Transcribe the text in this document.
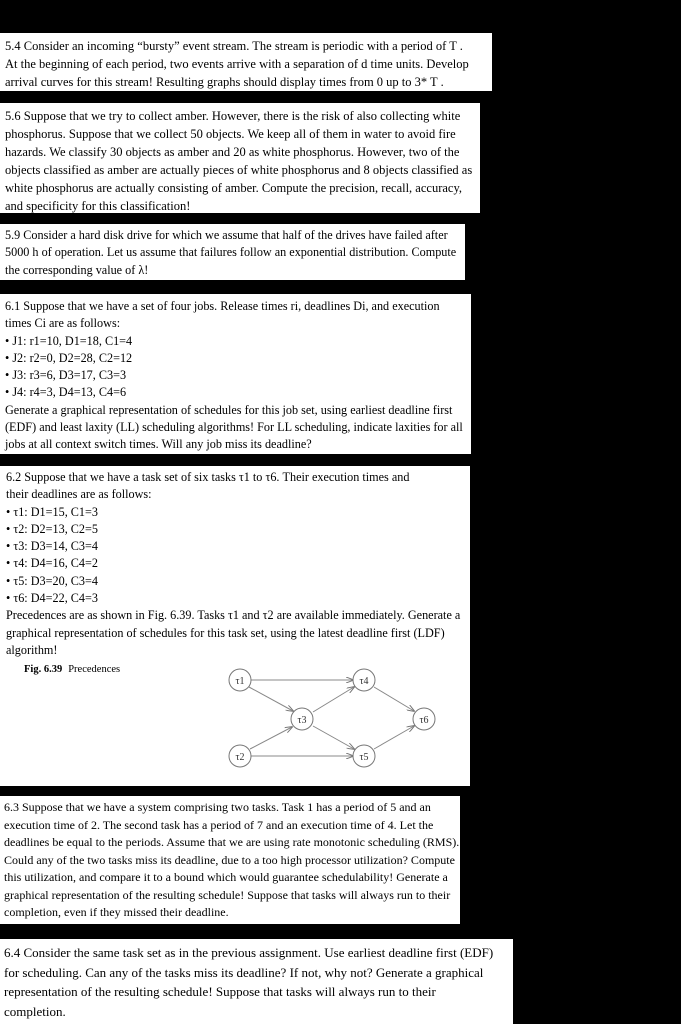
5.4 Consider an incoming “bursty” event stream. The stream is periodic with a period of T .
At the beginning of each period, two events arrive with a separation of d time units. Develop
arrival curves for this stream! Resulting graphs should display times from 0 up to 3* T .
5.6 Suppose that we try to collect amber. However, there is the risk of also collecting white
phosphorus. Suppose that we collect 50 objects. We keep all of them in water to avoid fire
hazards. We classify 30 objects as amber and 20 as white phosphorus. However, two of the
objects classified as amber are actually pieces of white phosphorus and 8 objects classified as
white phosphorus are actually consisting of amber. Compute the precision, recall, accuracy,
and specificity for this classification!
5.9 Consider a hard disk drive for which we assume that half of the drives have failed after
5000 h of operation. Let us assume that failures follow an exponential distribution. Compute
the corresponding value of λ!
6.1 Suppose that we have a set of four jobs. Release times ri, deadlines Di, and execution
times Ci are as follows:
• J1: r1=10, D1=18, C1=4
• J2: r2=0, D2=28, C2=12
• J3: r3=6, D3=17, C3=3
• J4: r4=3, D4=13, C4=6
Generate a graphical representation of schedules for this job set, using earliest deadline first
(EDF) and least laxity (LL) scheduling algorithms! For LL scheduling, indicate laxities for all
jobs at all context switch times. Will any job miss its deadline?
6.2 Suppose that we have a task set of six tasks τ1 to τ6. Their execution times and
their deadlines are as follows:
• τ1: D1=15, C1=3
• τ2: D2=13, C2=5
• τ3: D3=14, C3=4
• τ4: D4=16, C4=2
• τ5: D3=20, C3=4
• τ6: D4=22, C4=3
Precedences are as shown in Fig. 6.39. Tasks τ1 and τ2 are available immediately. Generate a
graphical representation of schedules for this task set, using the latest deadline first (LDF)
algorithm!
Fig. 6.39 Precedences
τ1
τ2
τ3
τ4
τ5
τ6
6.3 Suppose that we have a system comprising two tasks. Task 1 has a period of 5 and an
execution time of 2. The second task has a period of 7 and an execution time of 4. Let the
deadlines be equal to the periods. Assume that we are using rate monotonic scheduling (RMS).
Could any of the two tasks miss its deadline, due to a too high processor utilization? Compute
this utilization, and compare it to a bound which would guarantee schedulability! Generate a
graphical representation of the resulting schedule! Suppose that tasks will always run to their
completion, even if they missed their deadline.
6.4 Consider the same task set as in the previous assignment. Use earliest deadline first (EDF)
for scheduling. Can any of the tasks miss its deadline? If not, why not? Generate a graphical
representation of the resulting schedule! Suppose that tasks will always run to their
completion.
